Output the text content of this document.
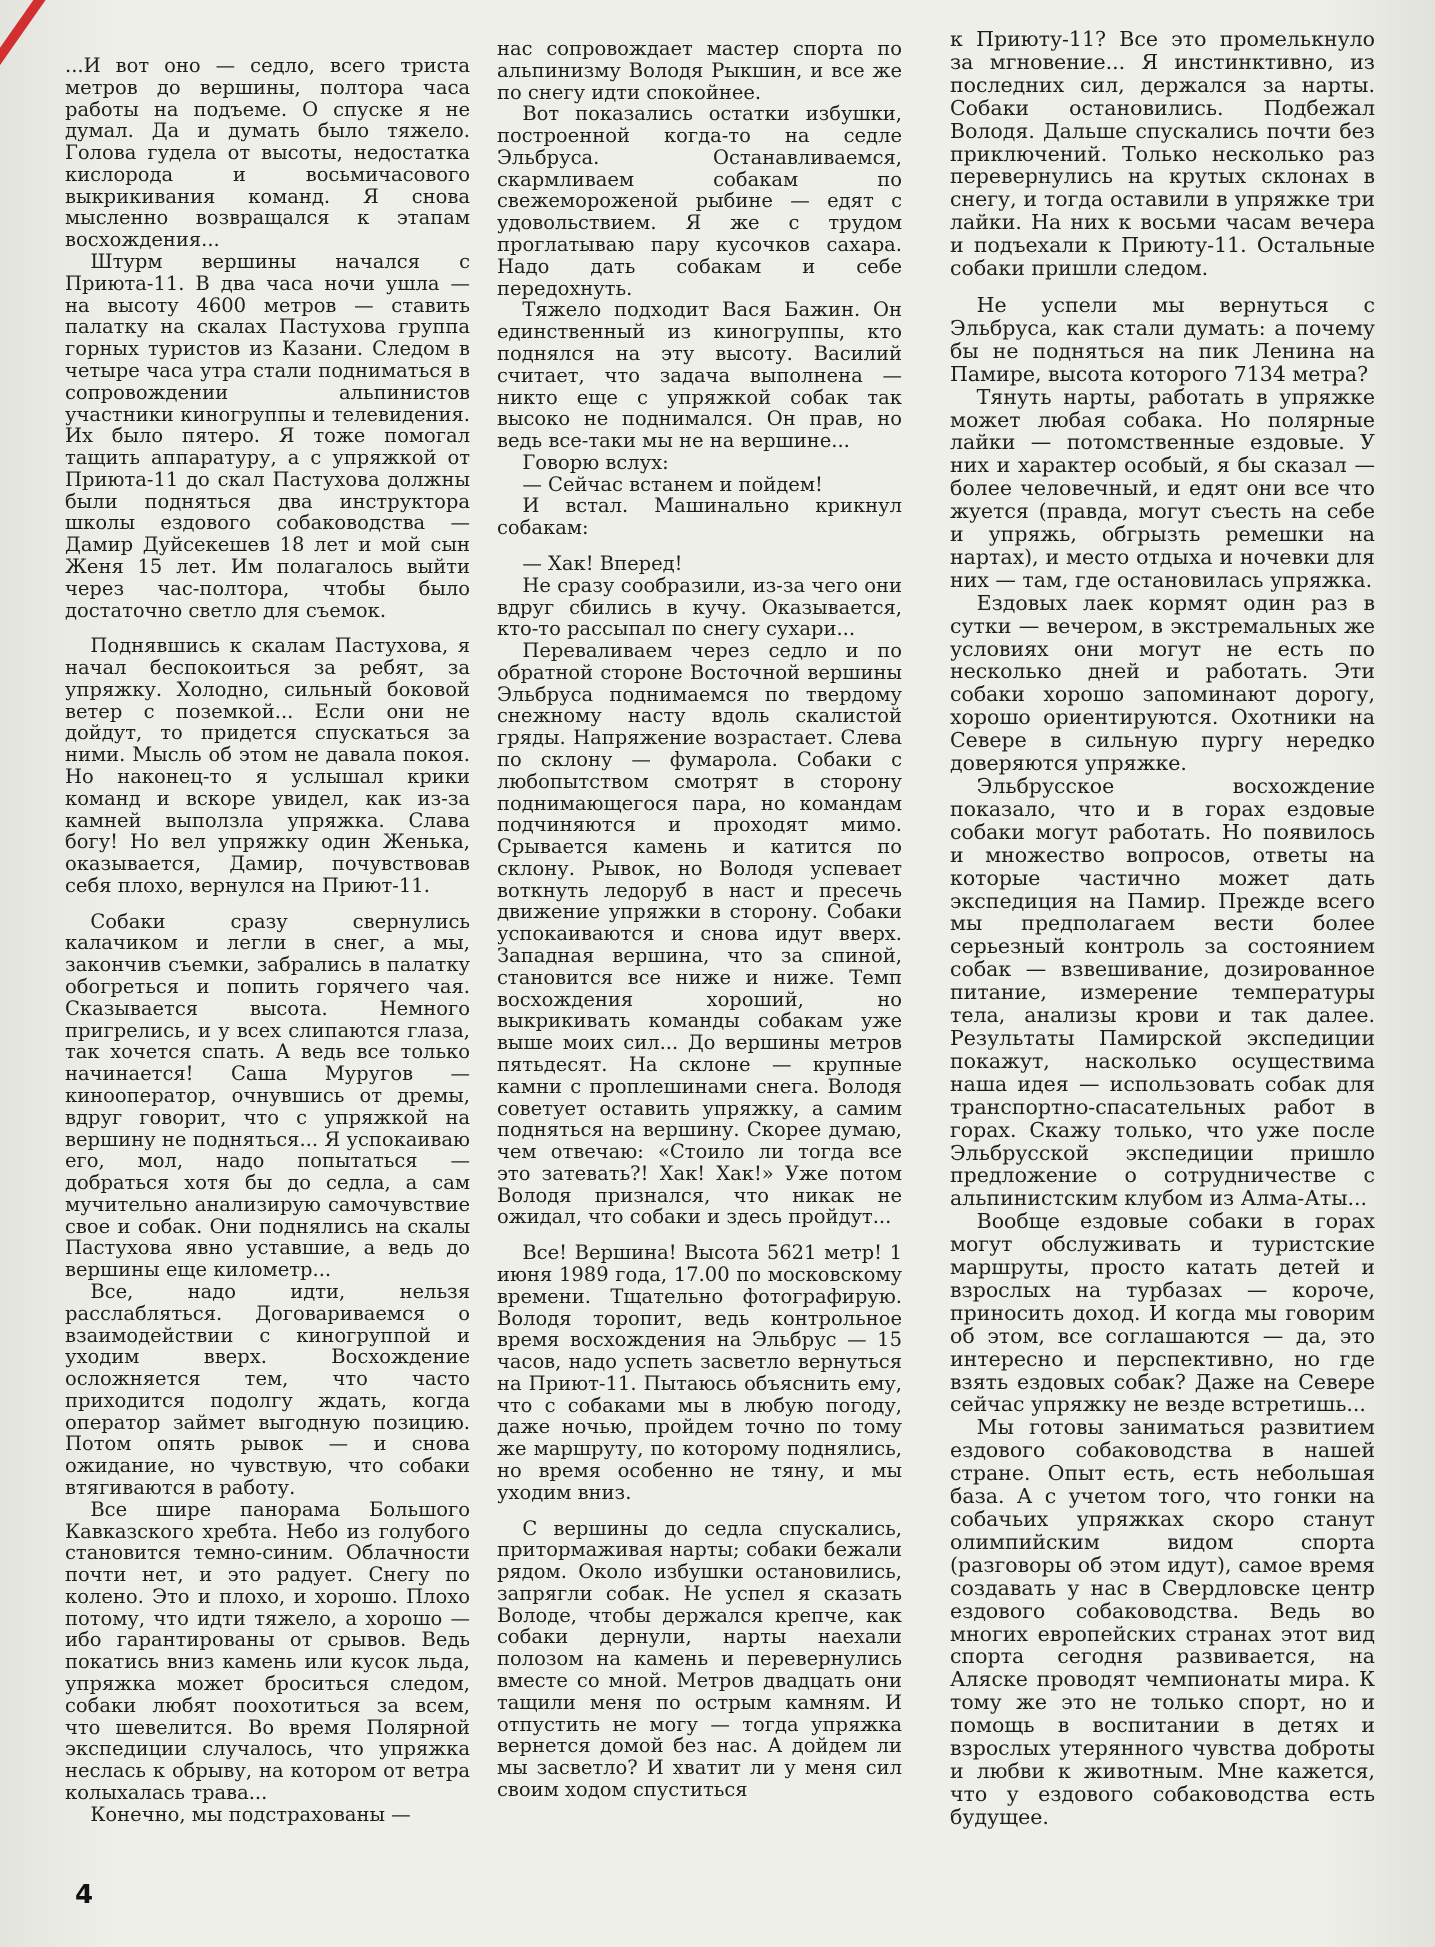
...И вот оно — седло, всего триста метров до вершины, полтора часа работы на подъеме. О спуске я не думал. Да и думать было тяжело. Голова гудела от высоты, недостатка кислорода и восьмичасового выкрикивания команд. Я снова мысленно возвращался к этапам восхождения...

Штурм вершины начался с Приюта-11. В два часа ночи ушла — на высоту 4600 метров — ставить палатку на скалах Пастухова группа горных туристов из Казани. Следом в четыре часа утра стали подниматься в сопровождении альпинистов участники киногруппы и телевидения. Их было пятеро. Я тоже помогал тащить аппаратуру, а с упряжкой от Приюта-11 до скал Пастухова должны были подняться два инструктора школы ездового собаководства — Дамир Дуйсекешев 18 лет и мой сын Женя 15 лет. Им полагалось выйти через час-полтора, чтобы было достаточно светло для съемок.

Поднявшись к скалам Пастухова, я начал беспокоиться за ребят, за упряжку. Холодно, сильный боковой ветер с поземкой... Если они не дойдут, то придется спускаться за ними. Мысль об этом не давала покоя. Но наконец-то я услышал крики команд и вскоре увидел, как из-за камней выползла упряжка. Слава богу! Но вел упряжку один Женька, оказывается, Дамир, почувствовав себя плохо, вернулся на Приют-11.

Собаки сразу свернулись калачиком и легли в снег, а мы, закончив съемки, забрались в палатку обогреться и попить горячего чая. Сказывается высота. Немного пригрелись, и у всех слипаются глаза, так хочется спать. А ведь все только начинается! Саша Муругов — кинооператор, очнувшись от дремы, вдруг говорит, что с упряжкой на вершину не подняться... Я успокаиваю его, мол, надо попытаться — добраться хотя бы до седла, а сам мучительно анализирую самочувствие свое и собак. Они поднялись на скалы Пастухова явно уставшие, а ведь до вершины еще километр...

Все, надо идти, нельзя расслабляться. Договариваемся о взаимодействии с киногруппой и уходим вверх. Восхождение осложняется тем, что часто приходится подолгу ждать, когда оператор займет выгодную позицию. Потом опять рывок — и снова ожидание, но чувствую, что собаки втягиваются в работу.

Все шире панорама Большого Кавказского хребта. Небо из голубого становится темно-синим. Облачности почти нет, и это радует. Снегу по колено. Это и плохо, и хорошо. Плохо потому, что идти тяжело, а хорошо — ибо гарантированы от срывов. Ведь покатись вниз камень или кусок льда, упряжка может броситься следом, собаки любят поохотиться за всем, что шевелится. Во время Полярной экспедиции случалось, что упряжка неслась к обрыву, на котором от ветра колыхалась трава...

Конечно, мы подстрахованы —

нас сопровождает мастер спорта по альпинизму Володя Рыкшин, и все же по снегу идти спокойнее.

Вот показались остатки избушки, построенной когда-то на седле Эльбруса. Останавливаемся, скармливаем собакам по свежемороженой рыбине — едят с удовольствием. Я же с трудом проглатываю пару кусочков сахара. Надо дать собакам и себе передохнуть.

Тяжело подходит Вася Бажин. Он единственный из киногруппы, кто поднялся на эту высоту. Василий считает, что задача выполнена — никто еще с упряжкой собак так высоко не поднимался. Он прав, но ведь все-таки мы не на вершине...

Говорю вслух:

— Сейчас встанем и пойдем!

И встал. Машинально крикнул собакам:

— Хак! Вперед!

Не сразу сообразили, из-за чего они вдруг сбились в кучу. Оказывается, кто-то рассыпал по снегу сухари...

Переваливаем через седло и по обратной стороне Восточной вершины Эльбруса поднимаемся по твердому снежному насту вдоль скалистой гряды. Напряжение возрастает. Слева по склону — фумарола. Собаки с любопытством смотрят в сторону поднимающегося пара, но командам подчиняются и проходят мимо. Срывается камень и катится по склону. Рывок, но Володя успевает воткнуть ледоруб в наст и пресечь движение упряжки в сторону. Собаки успокаиваются и снова идут вверх. Западная вершина, что за спиной, становится все ниже и ниже. Темп восхождения хороший, но выкрикивать команды собакам уже выше моих сил... До вершины метров пятьдесят. На склоне — крупные камни с проплешинами снега. Володя советует оставить упряжку, а самим подняться на вершину. Скорее думаю, чем отвечаю: «Стоило ли тогда все это затевать?! Хак! Хак!» Уже потом Володя признался, что никак не ожидал, что собаки и здесь пройдут...

Все! Вершина! Высота 5621 метр! 1 июня 1989 года, 17.00 по московскому времени. Тщательно фотографирую. Володя торопит, ведь контрольное время восхождения на Эльбрус — 15 часов, надо успеть засветло вернуться на Приют-11. Пытаюсь объяснить ему, что с собаками мы в любую погоду, даже ночью, пройдем точно по тому же маршруту, по которому поднялись, но время особенно не тяну, и мы уходим вниз.

С вершины до седла спускались, притормаживая нарты; собаки бежали рядом. Около избушки остановились, запрягли собак. Не успел я сказать Володе, чтобы держался крепче, как собаки дернули, нарты наехали полозом на камень и перевернулись вместе со мной. Метров двадцать они тащили меня по острым камням. И отпустить не могу — тогда упряжка вернется домой без нас. А дойдем ли мы засветло? И хватит ли у меня сил своим ходом спуститься

к Приюту-11? Все это промелькнуло за мгновение... Я инстинктивно, из последних сил, держался за нарты. Собаки остановились. Подбежал Володя. Дальше спускались почти без приключений. Только несколько раз перевернулись на крутых склонах в снегу, и тогда оставили в упряжке три лайки. На них к восьми часам вечера и подъехали к Приюту-11. Остальные собаки пришли следом.

Не успели мы вернуться с Эльбруса, как стали думать: а почему бы не подняться на пик Ленина на Памире, высота которого 7134 метра?

Тянуть нарты, работать в упряжке может любая собака. Но полярные лайки — потомственные ездовые. У них и характер особый, я бы сказал — более человечный, и едят они все что жуется (правда, могут съесть на себе и упряжь, обгрызть ремешки на нартах), и место отдыха и ночевки для них — там, где остановилась упряжка.

Ездовых лаек кормят один раз в сутки — вечером, в экстремальных же условиях они могут не есть по несколько дней и работать. Эти собаки хорошо запоминают дорогу, хорошо ориентируются. Охотники на Севере в сильную пургу нередко доверяются упряжке.

Эльбрусское восхождение показало, что и в горах ездовые собаки могут работать. Но появилось и множество вопросов, ответы на которые частично может дать экспедиция на Памир. Прежде всего мы предполагаем вести более серьезный контроль за состоянием собак — взвешивание, дозированное питание, измерение температуры тела, анализы крови и так далее. Результаты Памирской экспедиции покажут, насколько осуществима наша идея — использовать собак для транспортно-спасательных работ в горах. Скажу только, что уже после Эльбрусской экспедиции пришло предложение о сотрудничестве с альпинистским клубом из Алма-Аты...

Вообще ездовые собаки в горах могут обслуживать и туристские маршруты, просто катать детей и взрослых на турбазах — короче, приносить доход. И когда мы говорим об этом, все соглашаются — да, это интересно и перспективно, но где взять ездовых собак? Даже на Севере сейчас упряжку не везде встретишь...

Мы готовы заниматься развитием ездового собаководства в нашей стране. Опыт есть, есть небольшая база. А с учетом того, что гонки на собачьих упряжках скоро станут олимпийским видом спорта (разговоры об этом идут), самое время создавать у нас в Свердловске центр ездового собаководства. Ведь во многих европейских странах этот вид спорта сегодня развивается, на Аляске проводят чемпионаты мира. К тому же это не только спорт, но и помощь в воспитании в детях и взрослых утерянного чувства доброты и любви к животным. Мне кажется, что у ездового собаководства есть будущее.

4
